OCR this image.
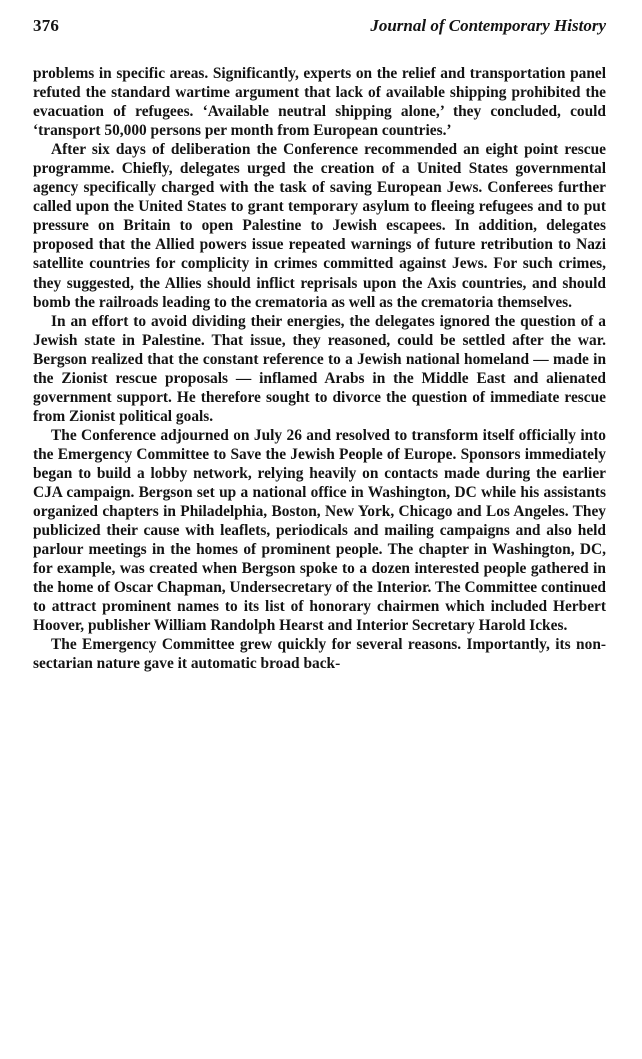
376	Journal of Contemporary History

problems in specific areas. Significantly, experts on the relief and transportation panel refuted the standard wartime argument that lack of available shipping prohibited the evacuation of refugees. ‘Available neutral shipping alone,’ they concluded, could ‘transport 50,000 persons per month from European countries.’

After six days of deliberation the Conference recommended an eight point rescue programme. Chiefly, delegates urged the creation of a United States governmental agency specifically charged with the task of saving European Jews. Conferees further called upon the United States to grant temporary asylum to fleeing refugees and to put pressure on Britain to open Palestine to Jewish escapees. In addition, delegates proposed that the Allied powers issue repeated warnings of future retribution to Nazi satellite countries for complicity in crimes committed against Jews. For such crimes, they suggested, the Allies should inflict reprisals upon the Axis countries, and should bomb the railroads leading to the crematoria as well as the crematoria themselves.

In an effort to avoid dividing their energies, the delegates ignored the question of a Jewish state in Palestine. That issue, they reasoned, could be settled after the war. Bergson realized that the constant reference to a Jewish national homeland — made in the Zionist rescue proposals — inflamed Arabs in the Middle East and alienated government support. He therefore sought to divorce the question of immediate rescue from Zionist political goals.

The Conference adjourned on July 26 and resolved to transform itself officially into the Emergency Committee to Save the Jewish People of Europe. Sponsors immediately began to build a lobby network, relying heavily on contacts made during the earlier CJA campaign. Bergson set up a national office in Washington, DC while his assistants organized chapters in Philadelphia, Boston, New York, Chicago and Los Angeles. They publicized their cause with leaflets, periodicals and mailing campaigns and also held parlour meetings in the homes of prominent people. The chapter in Washington, DC, for example, was created when Bergson spoke to a dozen interested people gathered in the home of Oscar Chapman, Undersecretary of the Interior. The Committee continued to attract prominent names to its list of honorary chairmen which included Herbert Hoover, publisher William Randolph Hearst and Interior Secretary Harold Ickes.

The Emergency Committee grew quickly for several reasons. Importantly, its non-sectarian nature gave it automatic broad back-
